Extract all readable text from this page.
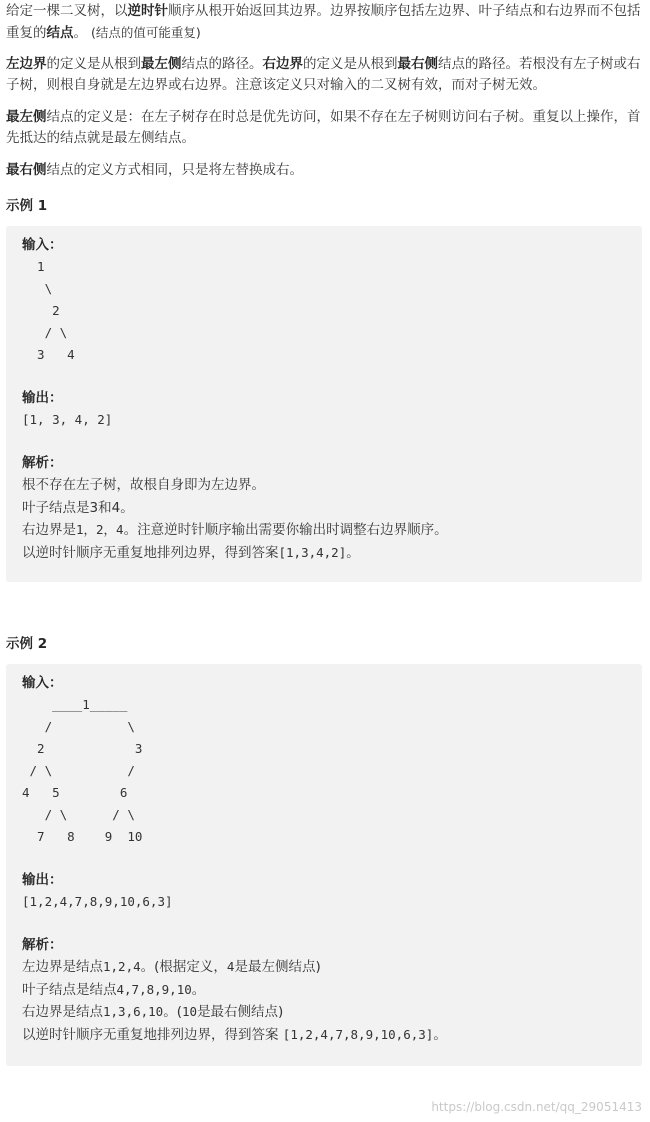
给定一棵二叉树，以逆时针顺序从根开始返回其边界。边界按顺序包括左边界、叶子结点和右边界而不包括重复的结点。 (结点的值可能重复)

左边界的定义是从根到最左侧结点的路径。右边界的定义是从根到最右侧结点的路径。若根没有左子树或右子树，则根自身就是左边界或右边界。注意该定义只对输入的二叉树有效，而对子树无效。

最左侧结点的定义是：在左子树存在时总是优先访问，如果不存在左子树则访问右子树。重复以上操作，首先抵达的结点就是最左侧结点。

最右侧结点的定义方式相同，只是将左替换成右。

示例 1

输入：

1
\
2
/ \
3   4

输出：

[1, 3, 4, 2]

解析：

根不存在左子树，故根自身即为左边界。

叶子结点是3和4。

右边界是1，2，4。注意逆时针顺序输出需要你输出时调整右边界顺序。

以逆时针顺序无重复地排列边界，得到答案[1,3,4,2]。

示例 2

输入：

____1_____
/          \
2            3
/ \          /
4   5        6
/ \      / \
7   8    9  10

输出：

[1,2,4,7,8,9,10,6,3]

解析：

左边界是结点1,2,4。(根据定义，4是最左侧结点)

叶子结点是结点4,7,8,9,10。

右边界是结点1,3,6,10。(10是最右侧结点)

以逆时针顺序无重复地排列边界，得到答案 [1,2,4,7,8,9,10,6,3]。

https://blog.csdn.net/qq_29051413
